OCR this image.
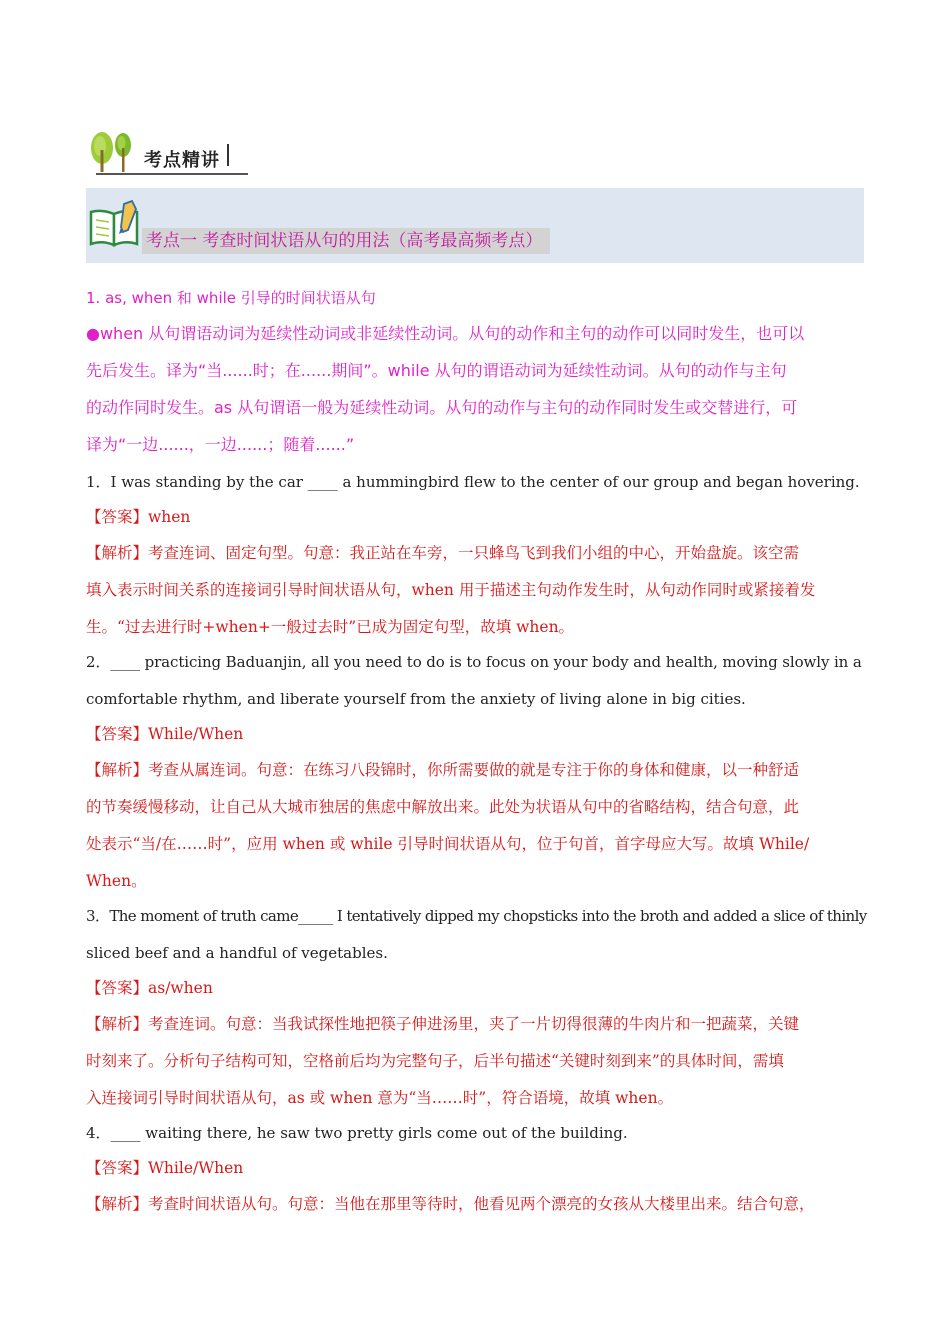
考点精讲
考点一 考查时间状语从句的用法（高考最高频考点）
1. as, when 和 while 引导的时间状语从句
●when 从句谓语动词为延续性动词或非延续性动词。从句的动作和主句的动作可以同时发生，也可以
先后发生。译为“当......时；在......期间”。while 从句的谓语动词为延续性动词。从句的动作与主句
的动作同时发生。as 从句谓语一般为延续性动词。从句的动作与主句的动作同时发生或交替进行，可
译为“一边......，一边......；随着......”
1．I was standing by the car ____ a hummingbird flew to the center of our group and began hovering.
【答案】when
【解析】考查连词、固定句型。句意：我正站在车旁，一只蜂鸟飞到我们小组的中心，开始盘旋。该空需
填入表示时间关系的连接词引导时间状语从句，when 用于描述主句动作发生时，从句动作同时或紧接着发
生。“过去进行时+when+一般过去时”已成为固定句型，故填 when。
2．____ practicing Baduanjin, all you need to do is to focus on your body and health, moving slowly in a
comfortable rhythm, and liberate yourself from the anxiety of living alone in big cities.
【答案】While/When
【解析】考查从属连词。句意：在练习八段锦时，你所需要做的就是专注于你的身体和健康，以一种舒适
的节奏缓慢移动，让自己从大城市独居的焦虑中解放出来。此处为状语从句中的省略结构，结合句意，此
处表示“当/在……时”，应用 when 或 while 引导时间状语从句，位于句首，首字母应大写。故填 While/
When。
3．The moment of truth came_____ I tentatively dipped my chopsticks into the broth and added a slice of thinly
sliced beef and a handful of vegetables.
【答案】as/when
【解析】考查连词。句意：当我试探性地把筷子伸进汤里，夹了一片切得很薄的牛肉片和一把蔬菜，关键
时刻来了。分析句子结构可知，空格前后均为完整句子，后半句描述“关键时刻到来”的具体时间，需填
入连接词引导时间状语从句，as 或 when 意为“当……时”，符合语境，故填 when。
4．____ waiting there, he saw two pretty girls come out of the building.
【答案】While/When
【解析】考查时间状语从句。句意：当他在那里等待时，他看见两个漂亮的女孩从大楼里出来。结合句意，
